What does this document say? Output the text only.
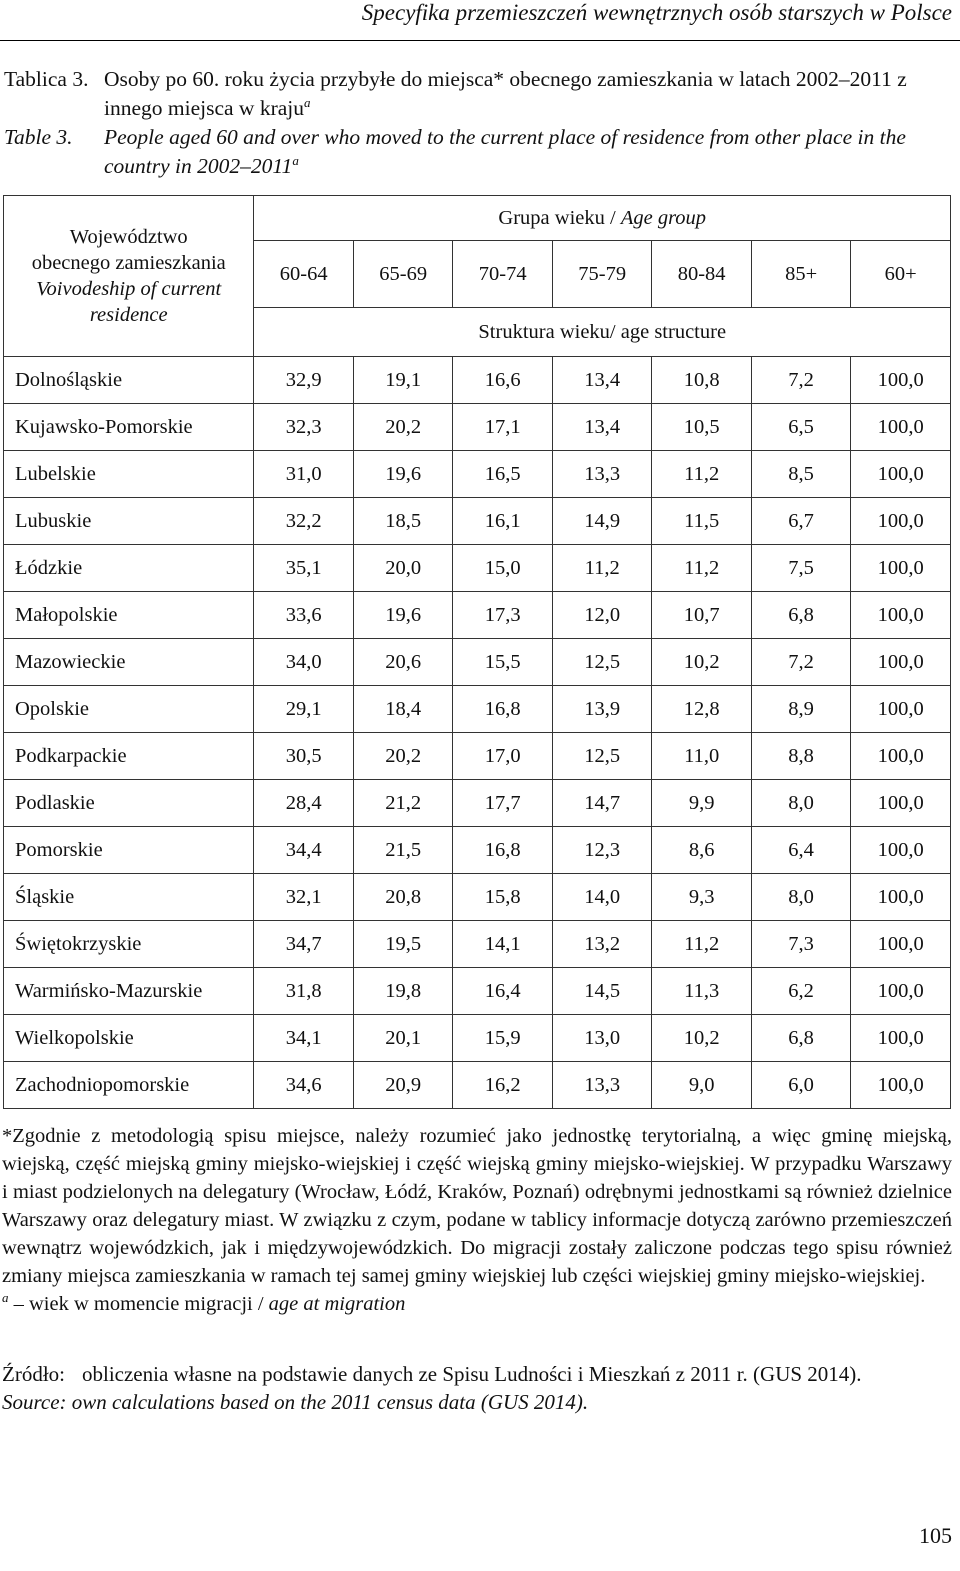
Specyfika przemieszczeń wewnętrznych osób starszych w Polsce
Tablica 3. Osoby po 60. roku życia przybyłe do miejsca* obecnego zamieszkania w latach 2002–2011 z innego miejsca w kraju$^a$
Table 3. People aged 60 and over who moved to the current place of residence from other place in the country in 2002–2011$^a$
Województwo
obecnego zamieszkania
Voivodeship of current
residence	Grupa wieku / Age group						
	60-64	65-69	70-74	75-79	80-84	85+	60+
	Struktura wieku/ age structure						
Dolnośląskie	32,9	19,1	16,6	13,4	10,8	7,2	100,0
Kujawsko-Pomorskie	32,3	20,2	17,1	13,4	10,5	6,5	100,0
Lubelskie	31,0	19,6	16,5	13,3	11,2	8,5	100,0
Lubuskie	32,2	18,5	16,1	14,9	11,5	6,7	100,0
Łódzkie	35,1	20,0	15,0	11,2	11,2	7,5	100,0
Małopolskie	33,6	19,6	17,3	12,0	10,7	6,8	100,0
Mazowieckie	34,0	20,6	15,5	12,5	10,2	7,2	100,0
Opolskie	29,1	18,4	16,8	13,9	12,8	8,9	100,0
Podkarpackie	30,5	20,2	17,0	12,5	11,0	8,8	100,0
Podlaskie	28,4	21,2	17,7	14,7	9,9	8,0	100,0
Pomorskie	34,4	21,5	16,8	12,3	8,6	6,4	100,0
Śląskie	32,1	20,8	15,8	14,0	9,3	8,0	100,0
Świętokrzyskie	34,7	19,5	14,1	13,2	11,2	7,3	100,0
Warmińsko-Mazurskie	31,8	19,8	16,4	14,5	11,3	6,2	100,0
Wielkopolskie	34,1	20,1	15,9	13,0	10,2	6,8	100,0
Zachodniopomorskie	34,6	20,9	16,2	13,3	9,0	6,0	100,0

*Zgodnie z metodologią spisu miejsce, należy rozumieć jako jednostkę terytorialną, a więc gminę miejską, wiejską, część miejską gminy miejsko-wiejskiej i część wiejską gminy miejsko-wiejskiej. W przypadku Warszawy i miast podzielonych na delegatury (Wrocław, Łódź, Kraków, Poznań) odrębnymi jednostkami są również dzielnice Warszawy oraz delegatury miast. W związku z czym, podane w tablicy informacje dotyczą zarówno przemieszczeń wewnątrz wojewódzkich, jak i międzywojewódzkich. Do migracji zostały zaliczone podczas tego spisu również zmiany miejsca zamieszkania w ramach tej samej gminy wiejskiej lub części wiejskiej gminy miejsko-wiejskiej.

$^a$ – wiek w momencie migracji / age at migration

Źródło: obliczenia własne na podstawie danych ze Spisu Ludności i Mieszkań z 2011 r. (GUS 2014).
Source: own calculations based on the 2011 census data (GUS 2014).
105
